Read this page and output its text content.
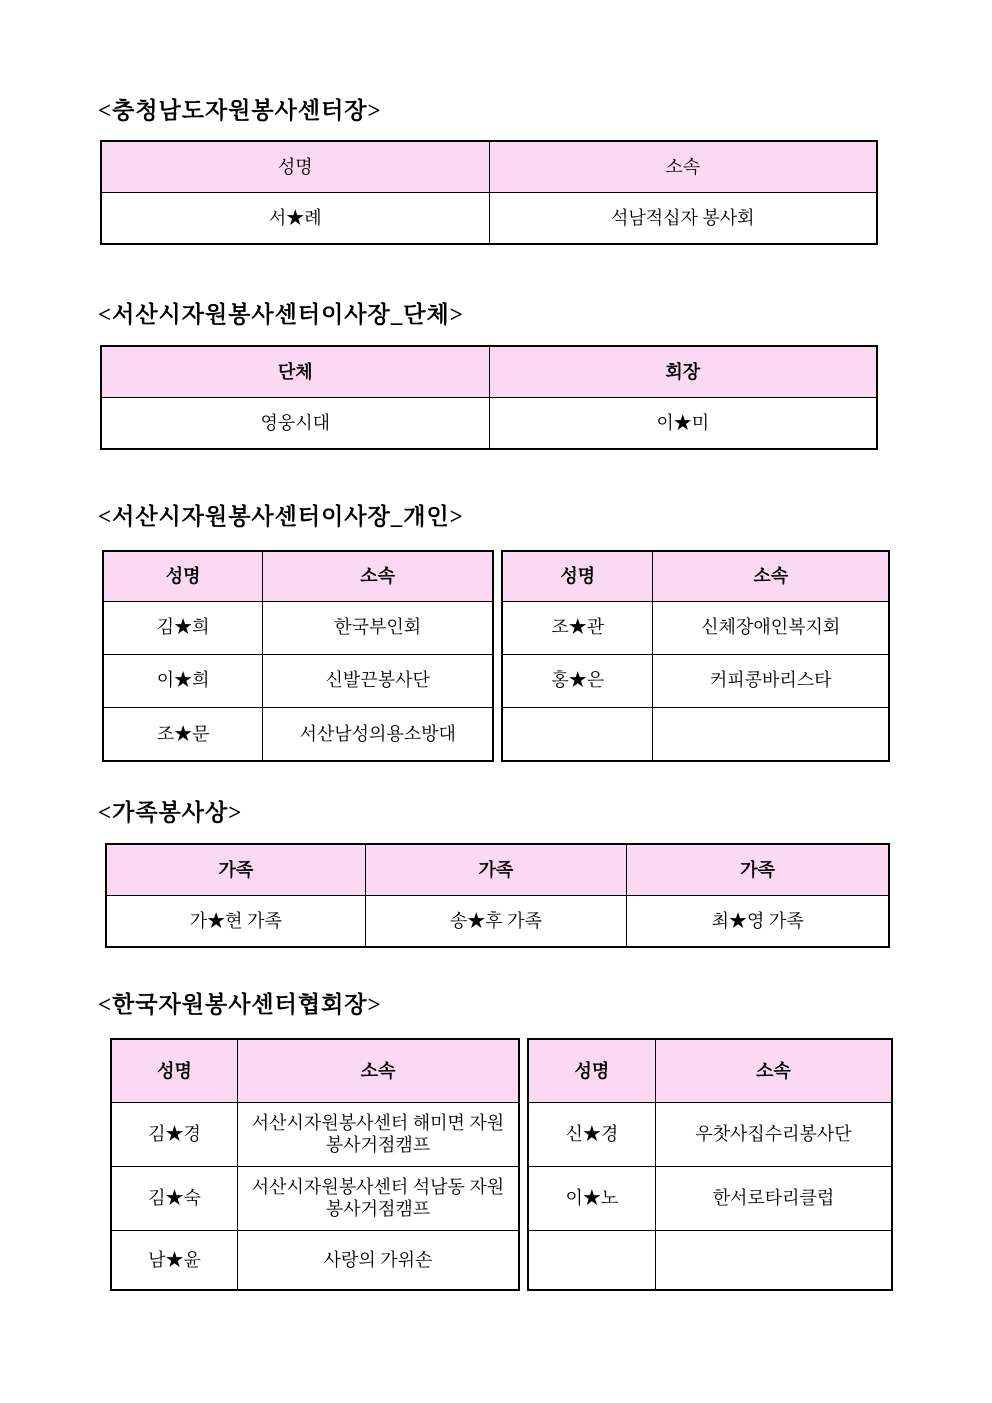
<충청남도자원봉사센터장>
성명	소속
서★례	석남적십자 봉사회
<서산시자원봉사센터이사장_단체>
단체	회장
영웅시대	이★미
<서산시자원봉사센터이사장_개인>
성명	소속
김★희	한국부인회
이★희	신발끈봉사단
조★문	서산남성의용소방대
성명	소속
조★관	신체장애인복지회
홍★은	커피콩바리스타

<가족봉사상>
가족	가족	가족
가★현 가족	송★후 가족	최★영 가족
<한국자원봉사센터협회장>
성명	소속
김★경	서산시자원봉사센터 해미면 자원봉사거점캠프
김★숙	서산시자원봉사센터 석남동 자원봉사거점캠프
남★윤	사랑의 가위손
성명	소속
신★경	우찻사집수리봉사단
이★노	한서로타리클럽
